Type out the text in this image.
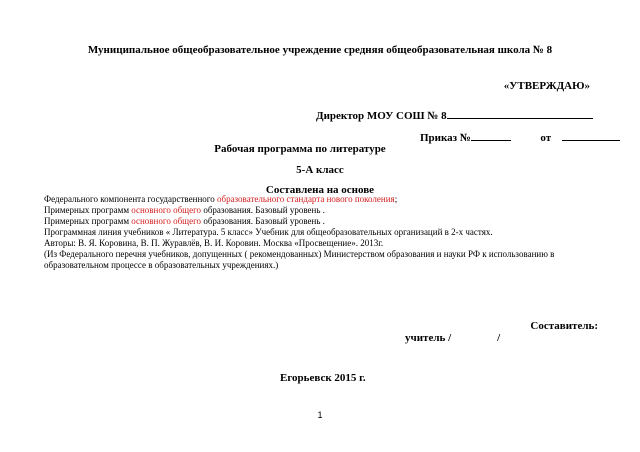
Муниципальное общеобразовательное учреждение средняя общеобразовательная школа № 8
«УТВЕРЖДАЮ»
Директор МОУ СОШ № 8
Приказ №	от
Рабочая программа по литературе
5-А класс
Составлена на основе
Федерального компонента государственного образовательного стандарта нового поколения;
Примерных программ основного общего образования. Базовый уровень .
Примерных программ основного общего образования. Базовый уровень .
Программная линия учебников « Литература. 5 класс» Учебник для общеобразовательных организаций в 2-х частях.
Авторы: В. Я. Коровина, В. П. Журавлёв, В. И. Коровин. Москва «Просвещение». 2013г.
(Из Федерального перечня учебников, допущенных ( рекомендованных) Министерством образования и науки РФ к использованию в
образовательном процессе в образовательных учреждениях.)
Составитель:
учитель /	/
Егорьевск 2015 г.
1
